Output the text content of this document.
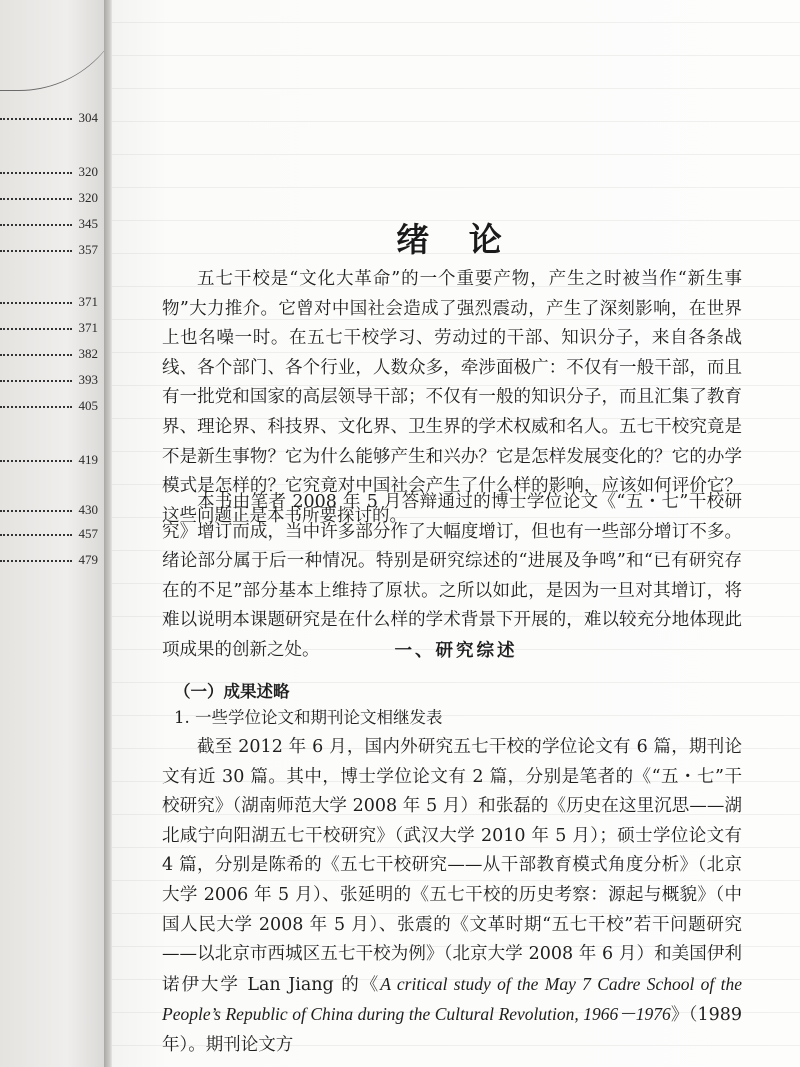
304
320
320
345
357
371
371
382
393
405
419
430
457
479
绪 论

五七干校是“文化大革命”的一个重要产物，产生之时被当作“新生事物”大力推介。它曾对中国社会造成了强烈震动，产生了深刻影响，在世界上也名噪一时。在五七干校学习、劳动过的干部、知识分子，来自各条战线、各个部门、各个行业，人数众多，牵涉面极广：不仅有一般干部，而且有一批党和国家的高层领导干部；不仅有一般的知识分子，而且汇集了教育界、理论界、科技界、文化界、卫生界的学术权威和名人。五七干校究竟是不是新生事物？它为什么能够产生和兴办？它是怎样发展变化的？它的办学模式是怎样的？它究竟对中国社会产生了什么样的影响，应该如何评价它？这些问题正是本书所要探讨的。

本书由笔者 2008 年 5 月答辩通过的博士学位论文《“五・七”干校研究》增订而成，当中许多部分作了大幅度增订，但也有一些部分增订不多。绪论部分属于后一种情况。特别是研究综述的“进展及争鸣”和“已有研究存在的不足”部分基本上维持了原状。之所以如此，是因为一旦对其增订，将难以说明本课题研究是在什么样的学术背景下开展的，难以较充分地体现此项成果的创新之处。	一、研究综述
（一）成果述略
1. 一些学位论文和期刊论文相继发表

截至 2012 年 6 月，国内外研究五七干校的学位论文有 6 篇，期刊论文有近 30 篇。其中，博士学位论文有 2 篇，分别是笔者的《“五・七”干校研究》（湖南师范大学 2008 年 5 月）和张磊的《历史在这里沉思——湖北咸宁向阳湖五七干校研究》（武汉大学 2010 年 5 月）；硕士学位论文有 4 篇，分别是陈希的《五七干校研究——从干部教育模式角度分析》（北京大学 2006 年 5 月）、张延明的《五七干校的历史考察：源起与概貌》（中国人民大学 2008 年 5 月）、张震的《文革时期“五七干校”若干问题研究——以北京市西城区五七干校为例》（北京大学 2008 年 6 月）和美国伊利诺伊大学 Lan Jiang 的《A critical study of the May 7 Cadre School of the People’s Republic of China during the Cultural Revolution, 1966－1976》（1989 年）。期刊论文方
